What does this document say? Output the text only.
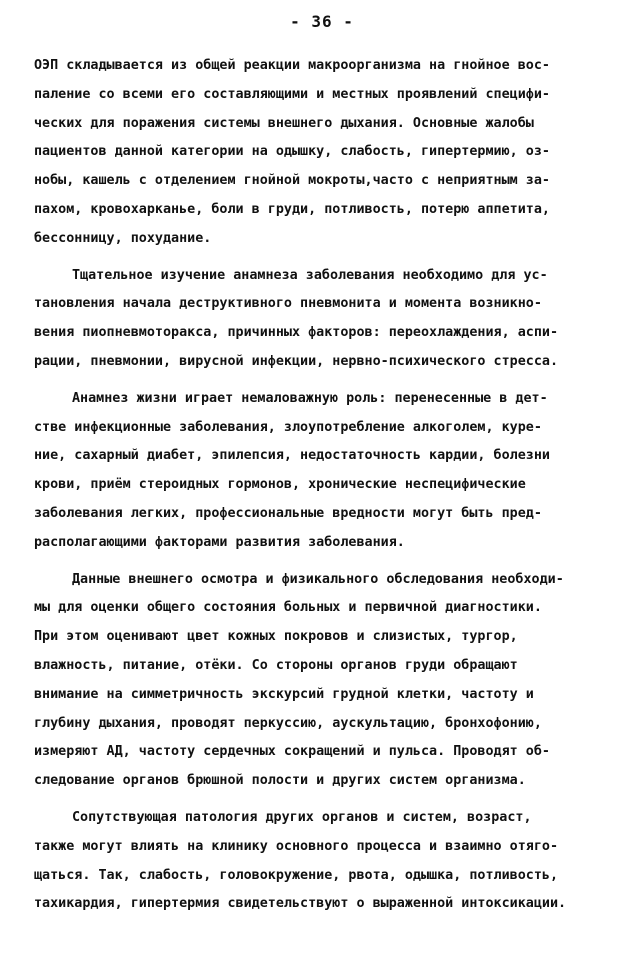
- 36 -
ОЭП складывается из общей реакции макроорганизма на гнойное вос-
паление со всеми его составляющими и местных проявлений специфи-
ческих для поражения системы внешнего дыхания. Основные жалобы
пациентов данной категории на одышку, слабость, гипертермию, оз-
нобы, кашель с отделением гнойной мокроты,часто с неприятным за-
пахом, кровохарканье, боли в груди, потливость, потерю аппетита,
бессонницу, похудание.
Тщательное изучение анамнеза заболевания необходимо для ус-
тановления начала деструктивного пневмонита и момента возникно-
вения пиопневмоторакса, причинных факторов: переохлаждения, аспи-
рации, пневмонии, вирусной инфекции, нервно-психического стресса.
Анамнез жизни играет немаловажную роль: перенесенные в дет-
стве инфекционные заболевания, злоупотребление алкоголем, куре-
ние, сахарный диабет, эпилепсия, недостаточность кардии, болезни
крови, приём стероидных гормонов, хронические неспецифические
заболевания легких, профессиональные вредности могут быть пред-
располагающими факторами развития заболевания.
Данные внешнего осмотра и физикального обследования необходи-
мы для оценки общего состояния больных и первичной диагностики.
При этом оценивают цвет кожных покровов и слизистых, тургор,
влажность, питание, отёки. Со стороны органов груди обращают
внимание на симметричность экскурсий грудной клетки, частоту и
глубину дыхания, проводят перкуссию, аускультацию, бронхофонию,
измеряют АД, частоту сердечных сокращений и пульса. Проводят об-
следование органов брюшной полости и других систем организма.
Сопутствующая патология других органов и систем, возраст,
также могут влиять на клинику основного процесса и взаимно отяго-
щаться. Так, слабость, головокружение, рвота, одышка, потливость,
тахикардия, гипертермия свидетельствуют о выраженной интоксикации.
